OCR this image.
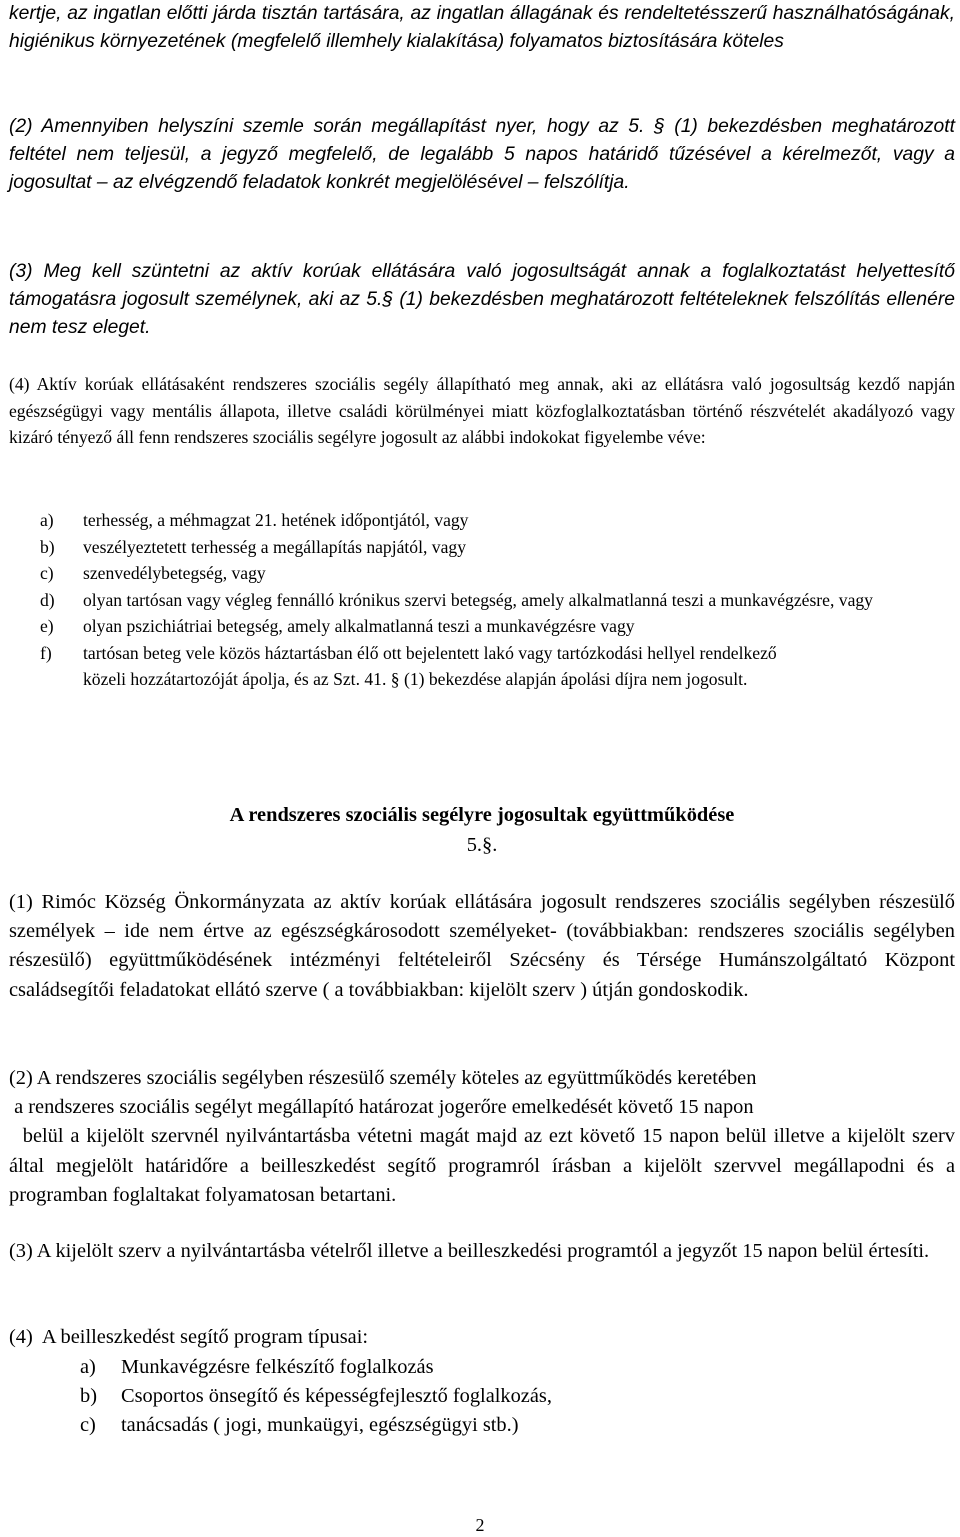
kertje, az ingatlan előtti járda tisztán tartására, az ingatlan állagának és rendeltetésszerű használhatóságának, higiénikus környezetének (megfelelő illemhely kialakítása) folyamatos biztosítására köteles

(2) Amennyiben helyszíni szemle során megállapítást nyer, hogy az 5. § (1) bekezdésben meghatározott feltétel nem teljesül, a jegyző megfelelő, de legalább 5 napos határidő tűzésével a kérelmezőt, vagy a jogosultat – az elvégzendő feladatok konkrét megjelölésével – felszólítja.

(3) Meg kell szüntetni az aktív korúak ellátására való jogosultságát annak a foglalkoztatást helyettesítő támogatásra jogosult személynek, aki az 5.§ (1) bekezdésben meghatározott feltételeknek felszólítás ellenére nem tesz eleget.

(4) Aktív korúak ellátásaként rendszeres szociális segély állapítható meg annak, aki az ellátásra való jogosultság kezdő napján egészségügyi vagy mentális állapota, illetve családi körülményei miatt közfoglalkoztatásban történő részvételét akadályozó vagy kizáró tényező áll fenn rendszeres szociális segélyre jogosult az alábbi indokokat figyelembe véve:

a) terhesség, a méhmagzat 21. hetének időpontjától, vagy

b) veszélyeztetett terhesség a megállapítás napjától, vagy

c) szenvedélybetegség, vagy

d) olyan tartósan vagy végleg fennálló krónikus szervi betegség, amely alkalmatlanná teszi a munkavégzésre, vagy

e) olyan pszichiátriai betegség, amely alkalmatlanná teszi a munkavégzésre vagy

f) tartósan beteg vele közös háztartásban élő ott bejelentett lakó vagy tartózkodási hellyel rendelkező

közeli hozzátartozóját ápolja, és az Szt. 41. § (1) bekezdése alapján ápolási díjra nem jogosult.

A rendszeres szociális segélyre jogosultak együttműködése

5.§.

(1) Rimóc Község Önkormányzata az aktív korúak ellátására jogosult rendszeres szociális segélyben részesülő személyek – ide nem értve az egészségkárosodott személyeket- (továbbiakban: rendszeres szociális segélyben részesülő) együttműködésének intézményi feltételeiről Szécsény és Térsége Humánszolgáltató Központ családsegítői feladatokat ellátó szerve ( a továbbiakban: kijelölt szerv ) útján gondoskodik.

(2) A rendszeres szociális segélyben részesülő személy köteles az együttműködés keretében

a rendszeres szociális segélyt megállapító határozat jogerőre emelkedését követő 15 napon

belül a kijelölt szervnél nyilvántartásba vétetni magát majd az ezt követő 15 napon belül illetve a kijelölt szerv által megjelölt határidőre a beilleszkedést segítő programról írásban a kijelölt szervvel megállapodni és a programban foglaltakat folyamatosan betartani.

(3) A kijelölt szerv a nyilvántartásba vételről illetve a beilleszkedési programtól a jegyzőt 15 napon belül értesíti.

(4)  A beilleszkedést segítő program típusai:

a) Munkavégzésre felkészítő foglalkozás

b) Csoportos önsegítő és képességfejlesztő foglalkozás,

c) tanácsadás ( jogi, munkaügyi, egészségügyi stb.)

2
